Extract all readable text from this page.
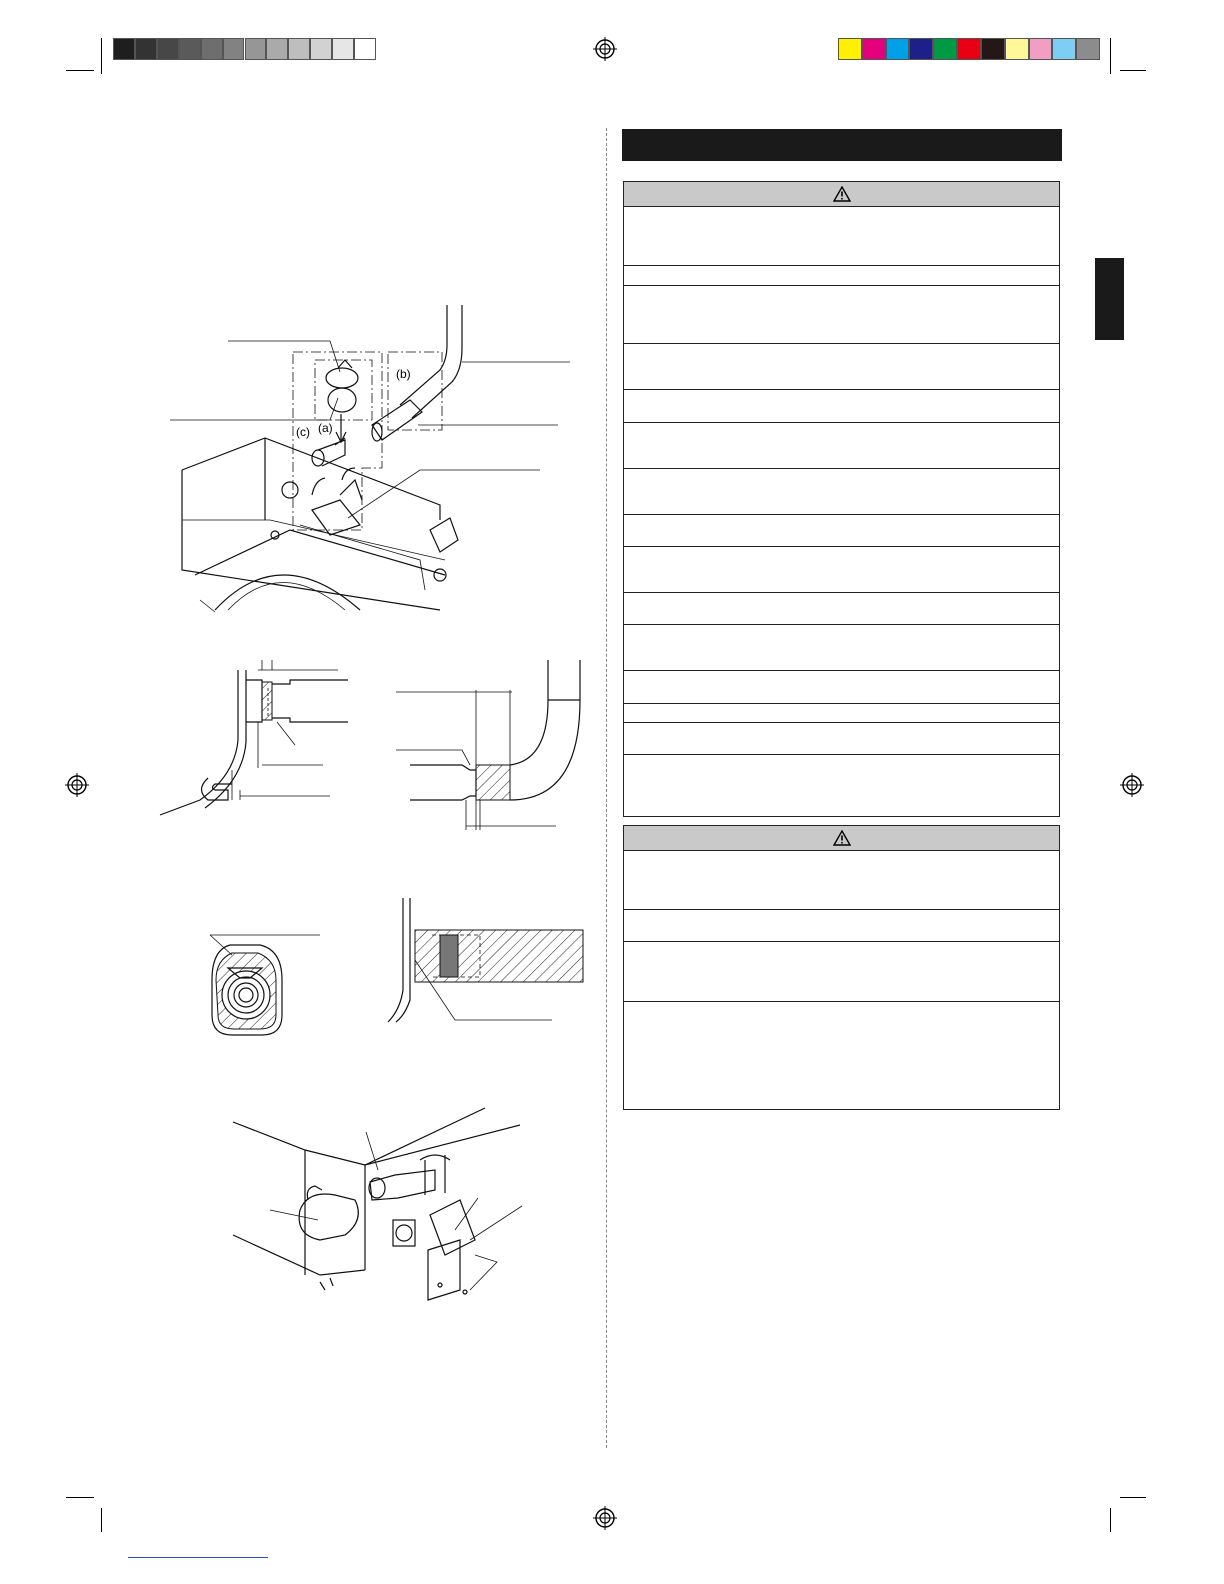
(a)
(b)
(c)
